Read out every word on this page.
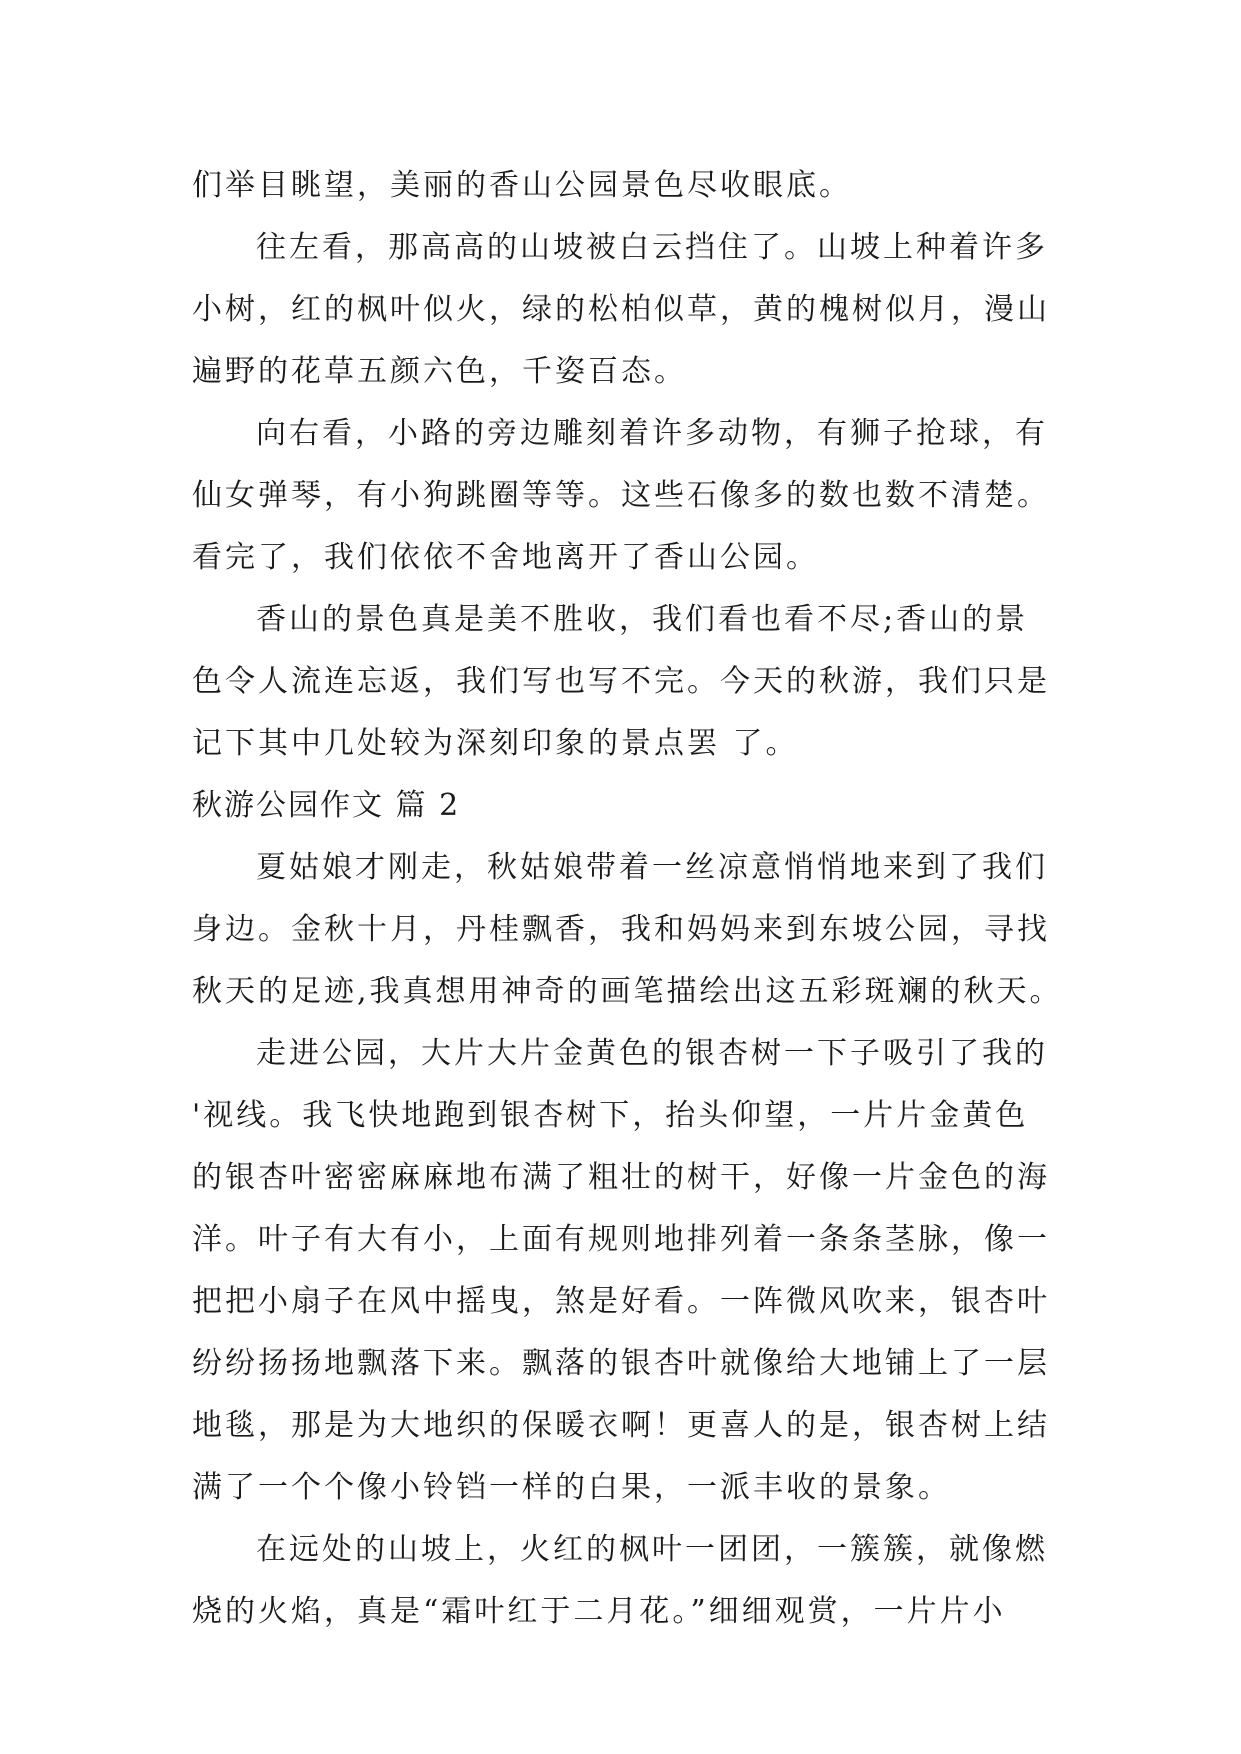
们举目眺望，美丽的香山公园景色尽收眼底。
往左看，那高高的山坡被白云挡住了。山坡上种着许多
小树，红的枫叶似火，绿的松柏似草，黄的槐树似月，漫山
遍野的花草五颜六色，千姿百态。
向右看，小路的旁边雕刻着许多动物，有狮子抢球，有
仙女弹琴，有小狗跳圈等等。这些石像多的数也数不清楚。
看完了，我们依依不舍地离开了香山公园。
香山的景色真是美不胜收，我们看也看不尽;香山的景
色令人流连忘返，我们写也写不完。今天的秋游，我们只是
记下其中几处较为深刻印象的景点罢 了。
秋游公园作文 篇 2
夏姑娘才刚走，秋姑娘带着一丝凉意悄悄地来到了我们
身边。金秋十月，丹桂飘香，我和妈妈来到东坡公园，寻找
秋天的足迹,我真想用神奇的画笔描绘出这五彩斑斓的秋天。
走进公园，大片大片金黄色的银杏树一下子吸引了我的
'视线。我飞快地跑到银杏树下，抬头仰望，一片片金黄色
的银杏叶密密麻麻地布满了粗壮的树干，好像一片金色的海
洋。叶子有大有小，上面有规则地排列着一条条茎脉，像一
把把小扇子在风中摇曳，煞是好看。一阵微风吹来，银杏叶
纷纷扬扬地飘落下来。飘落的银杏叶就像给大地铺上了一层
地毯，那是为大地织的保暖衣啊！更喜人的是，银杏树上结
满了一个个像小铃铛一样的白果，一派丰收的景象。
在远处的山坡上，火红的枫叶一团团，一簇簇，就像燃
烧的火焰，真是“霜叶红于二月花。”细细观赏，一片片小
